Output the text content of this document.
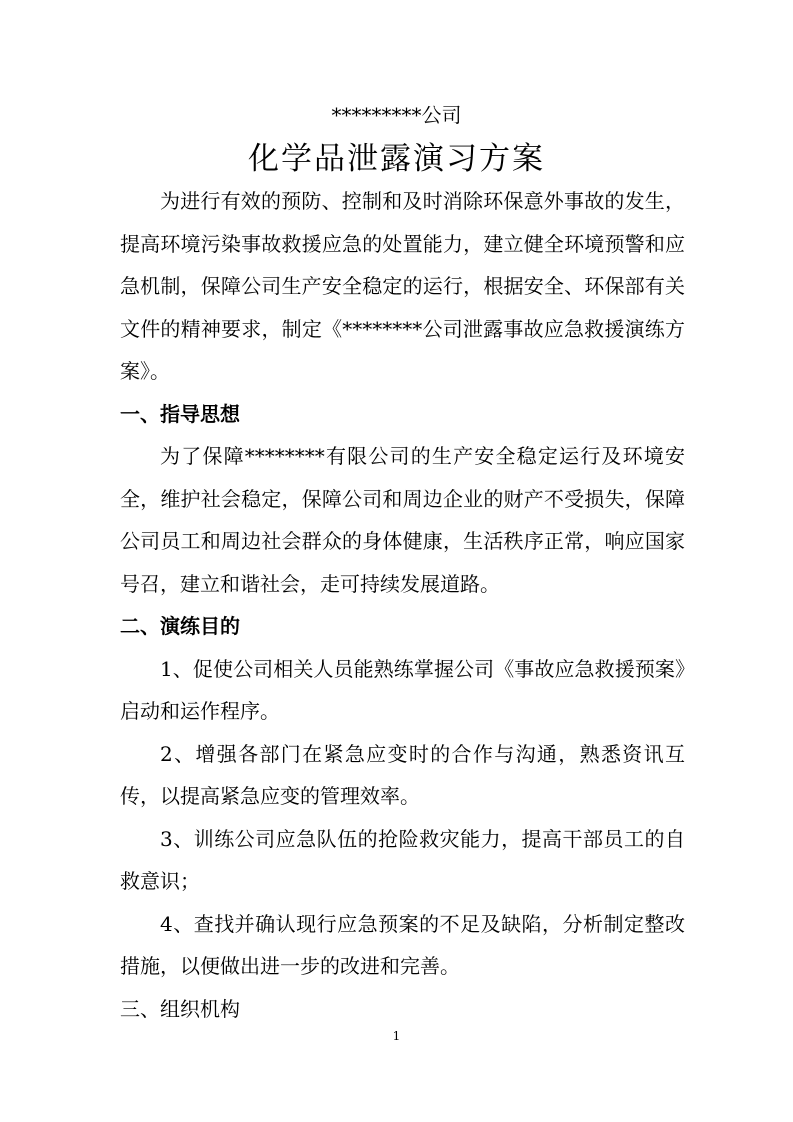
*********公司
化学品泄露演习方案

为进行有效的预防、控制和及时消除环保意外事故的发生，提高环境污染事故救援应急的处置能力，建立健全环境预警和应急机制，保障公司生产安全稳定的运行，根据安全、环保部有关文件的精神要求，制定《********公司泄露事故应急救援演练方案》。

一、指导思想

为了保障********有限公司的生产安全稳定运行及环境安全，维护社会稳定，保障公司和周边企业的财产不受损失，保障公司员工和周边社会群众的身体健康，生活秩序正常，响应国家号召，建立和谐社会，走可持续发展道路。

二、演练目的

1、促使公司相关人员能熟练掌握公司《事故应急救援预案》启动和运作程序。

2、增强各部门在紧急应变时的合作与沟通，熟悉资讯互传，以提高紧急应变的管理效率。

3、训练公司应急队伍的抢险救灾能力，提高干部员工的自救意识；

4、查找并确认现行应急预案的不足及缺陷，分析制定整改措施，以便做出进一步的改进和完善。

三、组织机构

1
